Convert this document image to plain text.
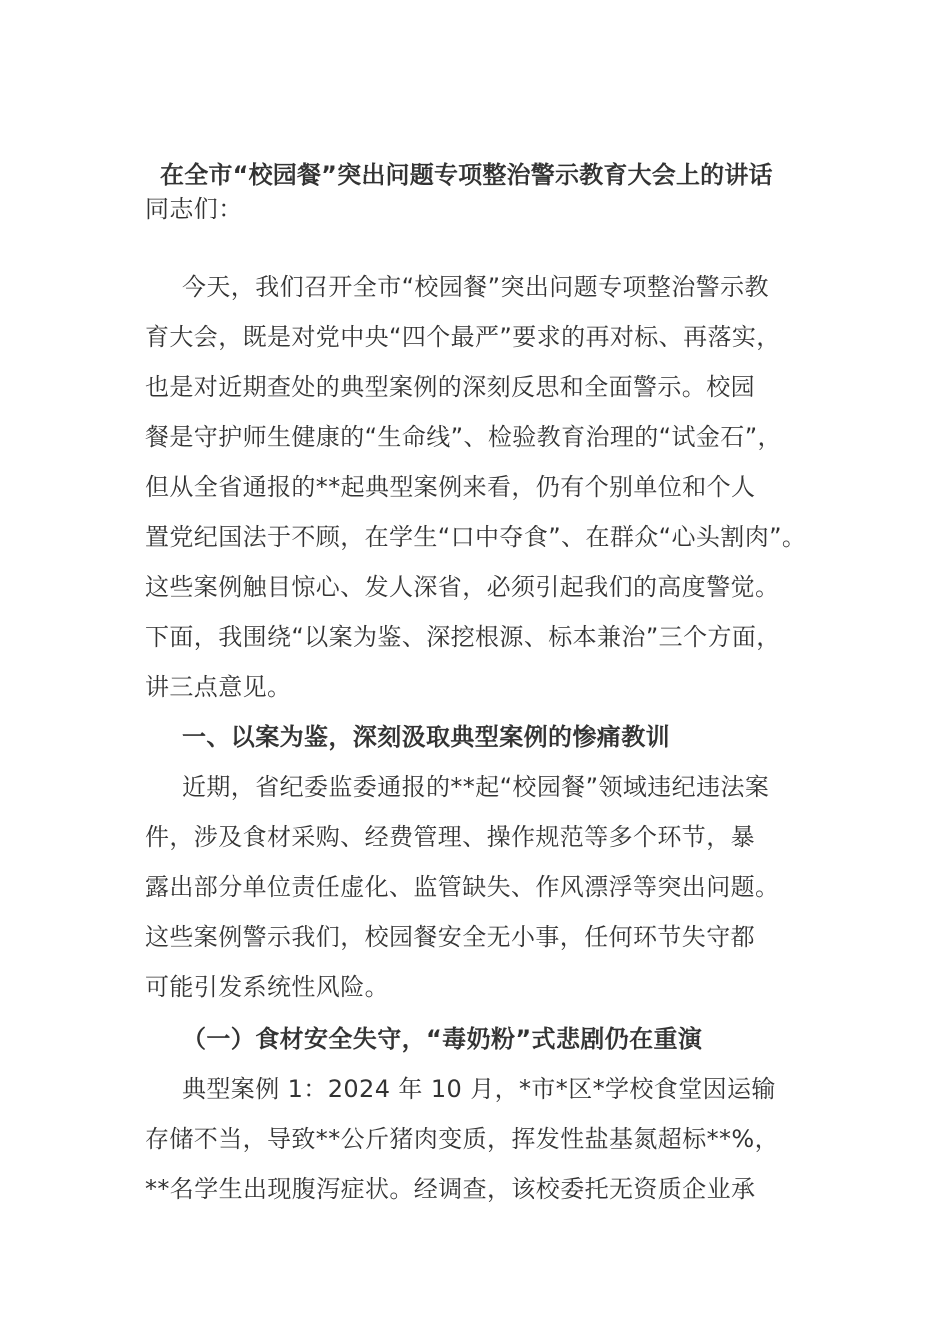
在全市“校园餐”突出问题专项整治警示教育大会上的讲话
同志们：
今天，我们召开全市“校园餐”突出问题专项整治警示教
育大会，既是对党中央“四个最严”要求的再对标、再落实，
也是对近期查处的典型案例的深刻反思和全面警示。校园
餐是守护师生健康的“生命线”、检验教育治理的“试金石”，
但从全省通报的**起典型案例来看，仍有个别单位和个人
置党纪国法于不顾，在学生“口中夺食”、在群众“心头割肉”。
这些案例触目惊心、发人深省，必须引起我们的高度警觉。
下面，我围绕“以案为鉴、深挖根源、标本兼治”三个方面，
讲三点意见。
一、以案为鉴，深刻汲取典型案例的惨痛教训
近期，省纪委监委通报的**起“校园餐”领域违纪违法案
件，涉及食材采购、经费管理、操作规范等多个环节，暴
露出部分单位责任虚化、监管缺失、作风漂浮等突出问题。
这些案例警示我们，校园餐安全无小事，任何环节失守都
可能引发系统性风险。
（一）食材安全失守，“毒奶粉”式悲剧仍在重演
典型案例 1：2024 年 10 月，*市*区*学校食堂因运输
存储不当，导致**公斤猪肉变质，挥发性盐基氮超标**%，
**名学生出现腹泻症状。经调查，该校委托无资质企业承
